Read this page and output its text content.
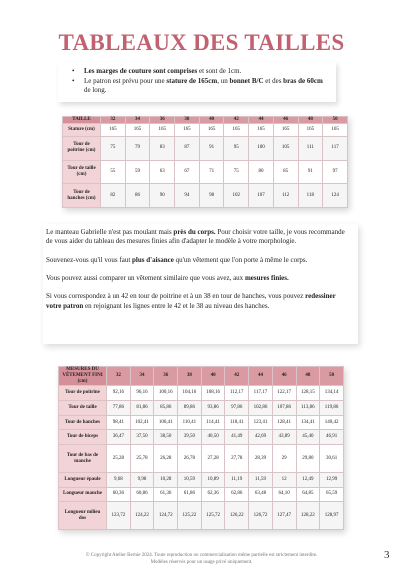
TABLEAUX DES TAILLES
• Les marges de couture sont comprises et sont de 1cm.
• Le patron est prévu pour une stature de 165cm, un bonnet B/C et des bras de 60cm de long.
TAILLE	32	34	36	38	40	42	44	46	48	50
Stature (cm)	165	165	165	165	165	165	165	165	165	165
Tour de poitrine (cm)	75	79	83	87	91	95	100	105	111	117
Tour de taille (cm)	55	59	63	67	71	75	80	85	91	97
Tour de hanches (cm)	82	86	90	94	98	102	107	112	118	124

Le manteau Gabrielle n'est pas moulant mais près du corps. Pour choisir votre taille, je vous recommande de vous aider du tableau des mesures finies afin d'adapter le modèle à votre morphologie.

Souvenez-vous qu'il vous faut plus d'aisance qu'un vêtement que l'on porte à même le corps.

Vous pouvez aussi comparer un vêtement similaire que vous avez, aux mesures finies.

Si vous correspondez à un 42 en tour de poitrine et à un 38 en tour de hanches, vous pouvez redessiner votre patron en rejoignant les lignes entre le 42 et le 38 au niveau des hanches.

MESURES DU VÊTEMENT FINI (cm)	32	34	36	38	40	42	44	46	48	50
Tour de poitrine	92,16	96,16	100,16	104,16	108,16	112,17	117,17	122,17	128,15	134,14
Tour de taille	77,86	81,86	85,86	89,86	93,86	97,86	102,86	107,86	113,86	119,86
Tour de hanches	98,41	102,41	106,41	110,41	114,41	118,41	123,41	128,41	134,41	140,42
Tour de biceps	36,47	37,50	38,50	39,50	40,50	41,49	42,69	43,89	45,40	46,91
Tour de bas de manche	25,28	25,78	26,28	26,78	27,28	27,78	28,39	29	29,80	30,61
Longueur épaule	9,68	9,98	10,28	10,59	10,89	11,19	11,59	12	12,49	12,99
Longueur manche	60,36	60,86	61,36	61,86	62,36	62,86	63,48	64,10	64,85	65,59
Longueur milieu dos	123,72	124,22	124,72	125,22	125,72	126,22	126,72	127,47	128,22	128,97
© Copyright Atelier Bernie 2024. Toute reproduction ou commercialisation même partielle est strictement interdite.
Modèles réservés pour un usage privé uniquement.
3
